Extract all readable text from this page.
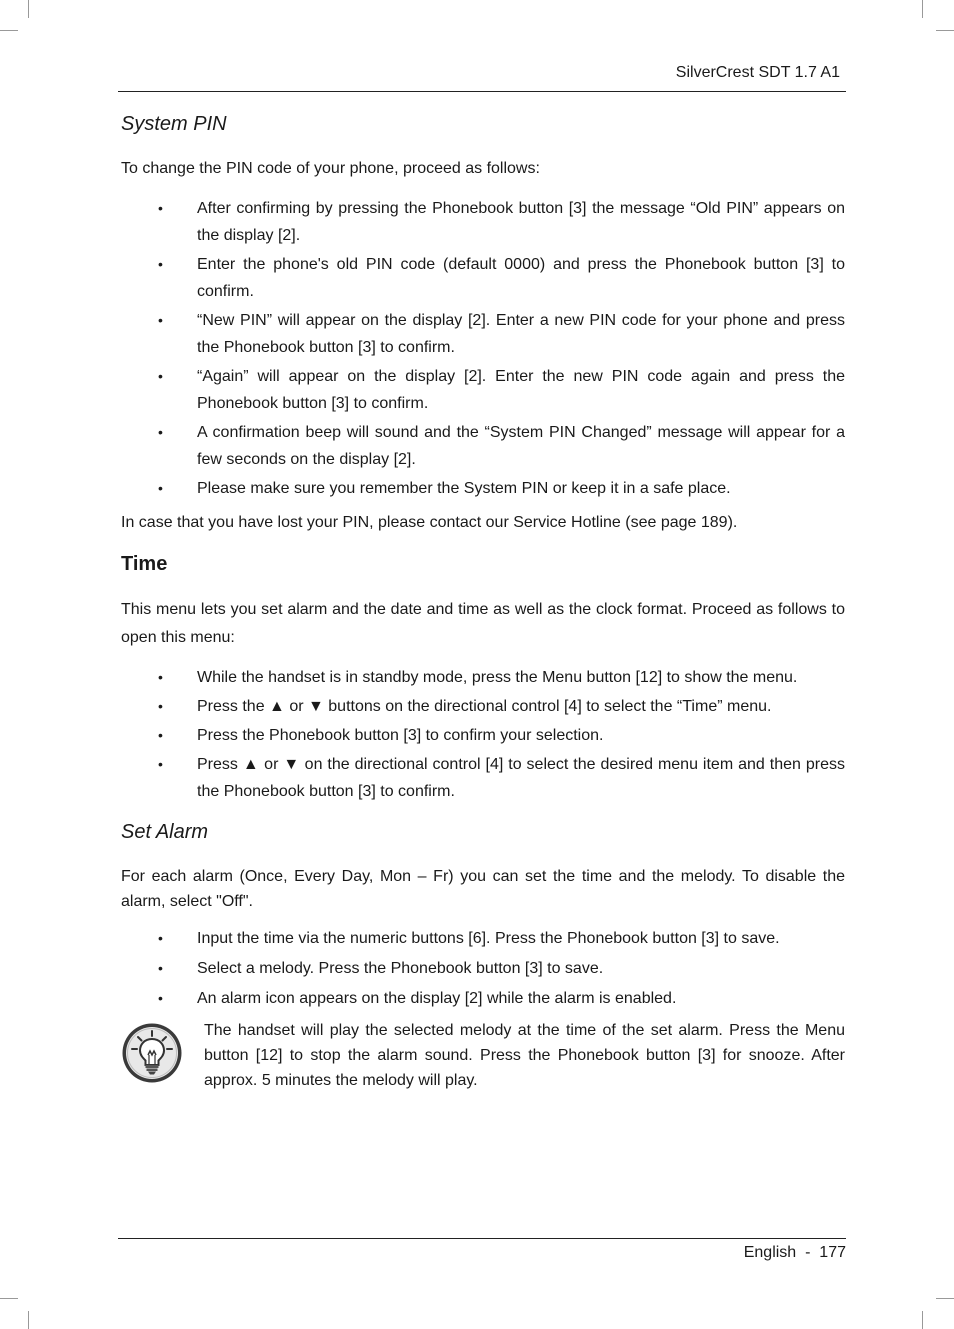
SilverCrest SDT 1.7 A1
System PIN

To change the PIN code of your phone, proceed as follows:

• After confirming by pressing the Phonebook button [3] the message “Old PIN” appears on the display [2].
• Enter the phone's old PIN code (default 0000) and press the Phonebook button [3] to confirm.
• “New PIN” will appear on the display [2]. Enter a new PIN code for your phone and press the Phonebook button [3] to confirm.
• “Again” will appear on the display [2]. Enter the new PIN code again and press the Phonebook button [3] to confirm.
• A confirmation beep will sound and the “System PIN Changed” message will appear for a few seconds on the display [2].
• Please make sure you remember the System PIN or keep it in a safe place.

In case that you have lost your PIN, please contact our Service Hotline (see page 189).

Time

This menu lets you set alarm and the date and time as well as the clock format. Proceed as follows to open this menu:

• While the handset is in standby mode, press the Menu button [12] to show the menu.
• Press the ▲ or ▼ buttons on the directional control [4] to select the “Time” menu.
• Press the Phonebook button [3] to confirm your selection.
• Press ▲ or ▼ on the directional control [4] to select the desired menu item and then press the Phonebook button [3] to confirm.
Set Alarm

For each alarm (Once, Every Day, Mon – Fr) you can set the time and the melody. To disable the alarm, select "Off".

• Input the time via the numeric buttons [6]. Press the Phonebook button [3] to save.
• Select a melody. Press the Phonebook button [3] to save.
• An alarm icon appears on the display [2] while the alarm is enabled.

The handset will play the selected melody at the time of the set alarm. Press the Menu button [12] to stop the alarm sound. Press the Phonebook button [3] for snooze. After approx. 5 minutes the melody will play.

English  -  177
